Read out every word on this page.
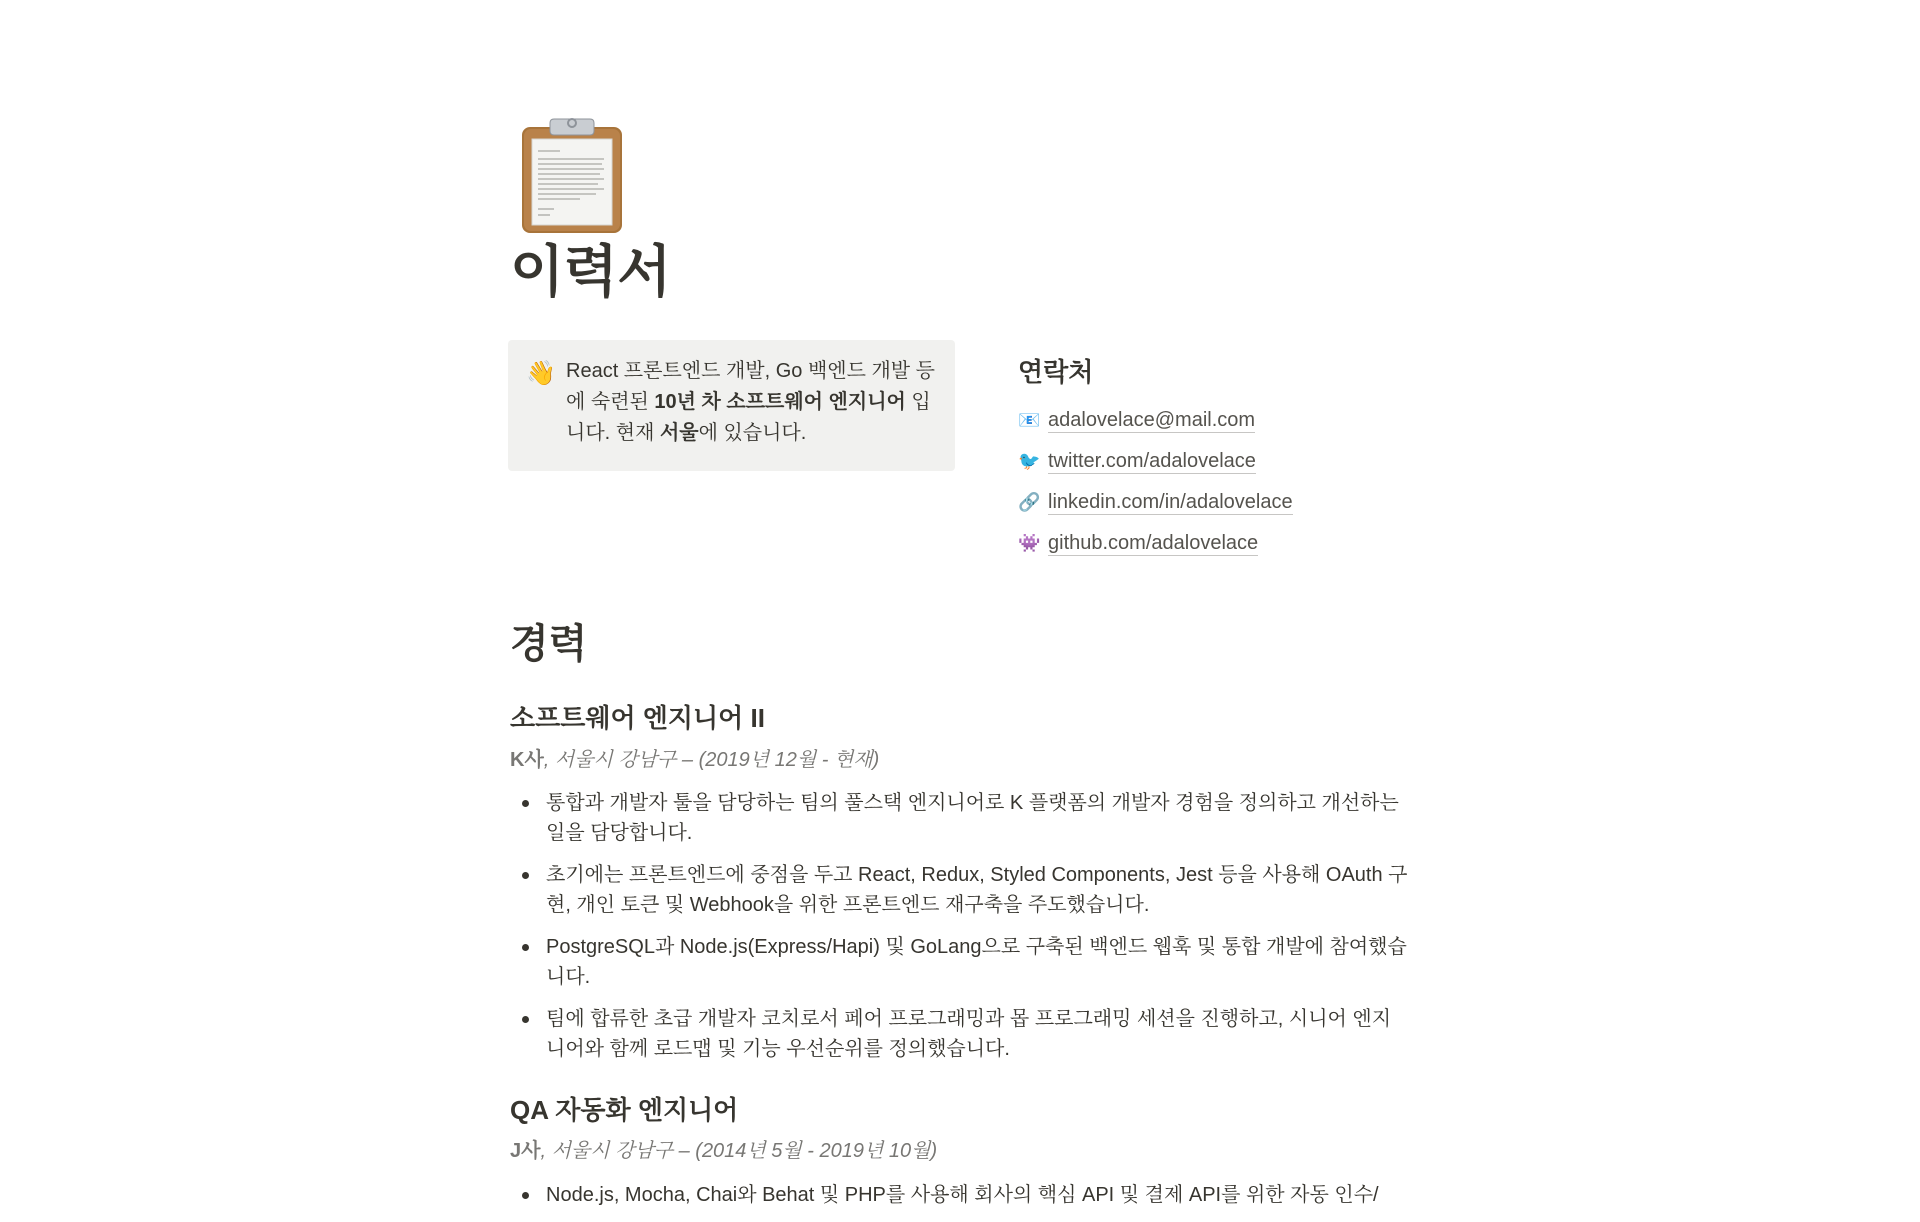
이력서
👋 React 프론트엔드 개발, Go 백엔드 개발 등에 숙련된 10년 차 소프트웨어 엔지니어 입니다. 현재 서울에 있습니다.
연락처
📧 adalovelace@mail.com
🐦 twitter.com/adalovelace
🔗 linkedin.com/in/adalovelace
👾 github.com/adalovelace
경력
소프트웨어 엔지니어 II
K사, 서울시 강남구 – (2019년 12월 - 현재)
통합과 개발자 툴을 담당하는 팀의 풀스택 엔지니어로 K 플랫폼의 개발자 경험을 정의하고 개선하는 일을 담당합니다.
초기에는 프론트엔드에 중점을 두고 React, Redux, Styled Components, Jest 등을 사용해 OAuth 구현, 개인 토큰 및 Webhook을 위한 프론트엔드 재구축을 주도했습니다.
PostgreSQL과 Node.js(Express/Hapi) 및 GoLang으로 구축된 백엔드 웹훅 및 통합 개발에 참여했습니다.
팀에 합류한 초급 개발자 코치로서 페어 프로그래밍과 몹 프로그래밍 세션을 진행하고, 시니어 엔지니어와 함께 로드맵 및 기능 우선순위를 정의했습니다.
QA 자동화 엔지니어
J사, 서울시 강남구 – (2014년 5월 - 2019년 10월)
Node.js, Mocha, Chai와 Behat 및 PHP를 사용해 회사의 핵심 API 및 결제 API를 위한 자동 인수/
